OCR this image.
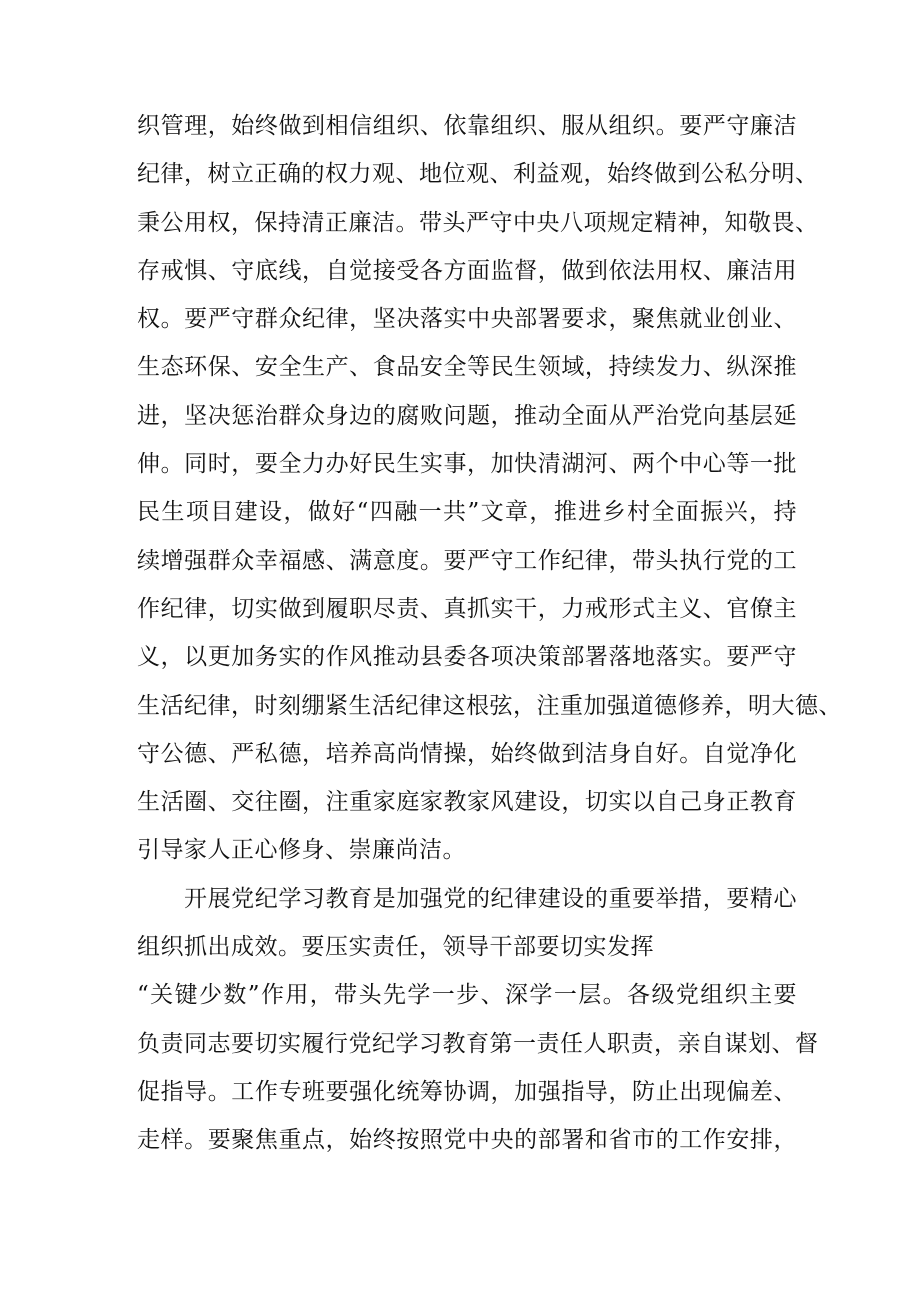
织管理，始终做到相信组织、依靠组织、服从组织。要严守廉洁
纪律，树立正确的权力观、地位观、利益观，始终做到公私分明、
秉公用权，保持清正廉洁。带头严守中央八项规定精神，知敬畏、
存戒惧、守底线，自觉接受各方面监督，做到依法用权、廉洁用
权。要严守群众纪律，坚决落实中央部署要求，聚焦就业创业、
生态环保、安全生产、食品安全等民生领域，持续发力、纵深推
进，坚决惩治群众身边的腐败问题，推动全面从严治党向基层延
伸。同时，要全力办好民生实事，加快清湖河、两个中心等一批
民生项目建设，做好“四融一共”文章，推进乡村全面振兴，持
续增强群众幸福感、满意度。要严守工作纪律，带头执行党的工
作纪律，切实做到履职尽责、真抓实干，力戒形式主义、官僚主
义，以更加务实的作风推动县委各项决策部署落地落实。要严守
生活纪律，时刻绷紧生活纪律这根弦，注重加强道德修养，明大德、
守公德、严私德，培养高尚情操，始终做到洁身自好。自觉净化
生活圈、交往圈，注重家庭家教家风建设，切实以自己身正教育
引导家人正心修身、崇廉尚洁。
开展党纪学习教育是加强党的纪律建设的重要举措，要精心
组织抓出成效。要压实责任，领导干部要切实发挥
“关键少数”作用，带头先学一步、深学一层。各级党组织主要
负责同志要切实履行党纪学习教育第一责任人职责，亲自谋划、督
促指导。工作专班要强化统筹协调，加强指导，防止出现偏差、
走样。要聚焦重点，始终按照党中央的部署和省市的工作安排，
